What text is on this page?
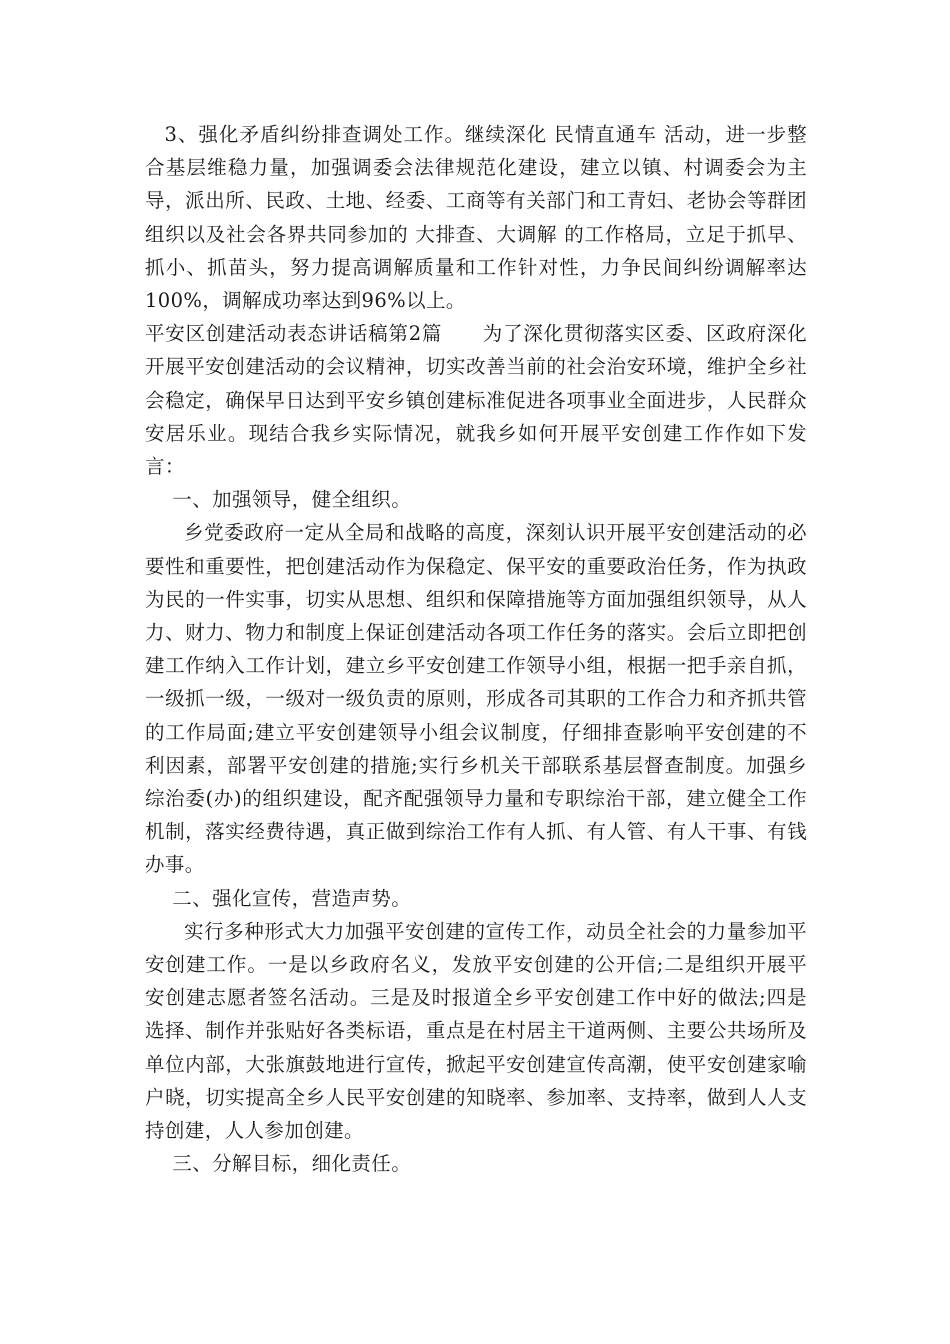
3、强化矛盾纠纷排查调处工作。继续深化 民情直通车 活动，进一步整合基层维稳力量，加强调委会法律规范化建设，建立以镇、村调委会为主导，派出所、民政、土地、经委、工商等有关部门和工青妇、老协会等群团组织以及社会各界共同参加的 大排查、大调解 的工作格局，立足于抓早、抓小、抓苗头，努力提高调解质量和工作针对性，力争民间纠纷调解率达100%，调解成功率达到96%以上。

平安区创建活动表态讲话稿第2篇　　为了深化贯彻落实区委、区政府深化开展平安创建活动的会议精神，切实改善当前的社会治安环境，维护全乡社会稳定，确保早日达到平安乡镇创建标准促进各项事业全面进步，人民群众安居乐业。现结合我乡实际情况，就我乡如何开展平安创建工作作如下发言：

一、加强领导，健全组织。

乡党委政府一定从全局和战略的高度，深刻认识开展平安创建活动的必要性和重要性，把创建活动作为保稳定、保平安的重要政治任务，作为执政为民的一件实事，切实从思想、组织和保障措施等方面加强组织领导，从人力、财力、物力和制度上保证创建活动各项工作任务的落实。会后立即把创建工作纳入工作计划，建立乡平安创建工作领导小组，根据一把手亲自抓，一级抓一级，一级对一级负责的原则，形成各司其职的工作合力和齐抓共管的工作局面;建立平安创建领导小组会议制度，仔细排查影响平安创建的不利因素，部署平安创建的措施;实行乡机关干部联系基层督查制度。加强乡综治委(办)的组织建设，配齐配强领导力量和专职综治干部，建立健全工作机制，落实经费待遇，真正做到综治工作有人抓、有人管、有人干事、有钱办事。

二、强化宣传，营造声势。

实行多种形式大力加强平安创建的宣传工作，动员全社会的力量参加平安创建工作。一是以乡政府名义，发放平安创建的公开信;二是组织开展平安创建志愿者签名活动。三是及时报道全乡平安创建工作中好的做法;四是选择、制作并张贴好各类标语，重点是在村居主干道两侧、主要公共场所及单位内部，大张旗鼓地进行宣传，掀起平安创建宣传高潮，使平安创建家喻户晓，切实提高全乡人民平安创建的知晓率、参加率、支持率，做到人人支持创建，人人参加创建。

三、分解目标，细化责任。
